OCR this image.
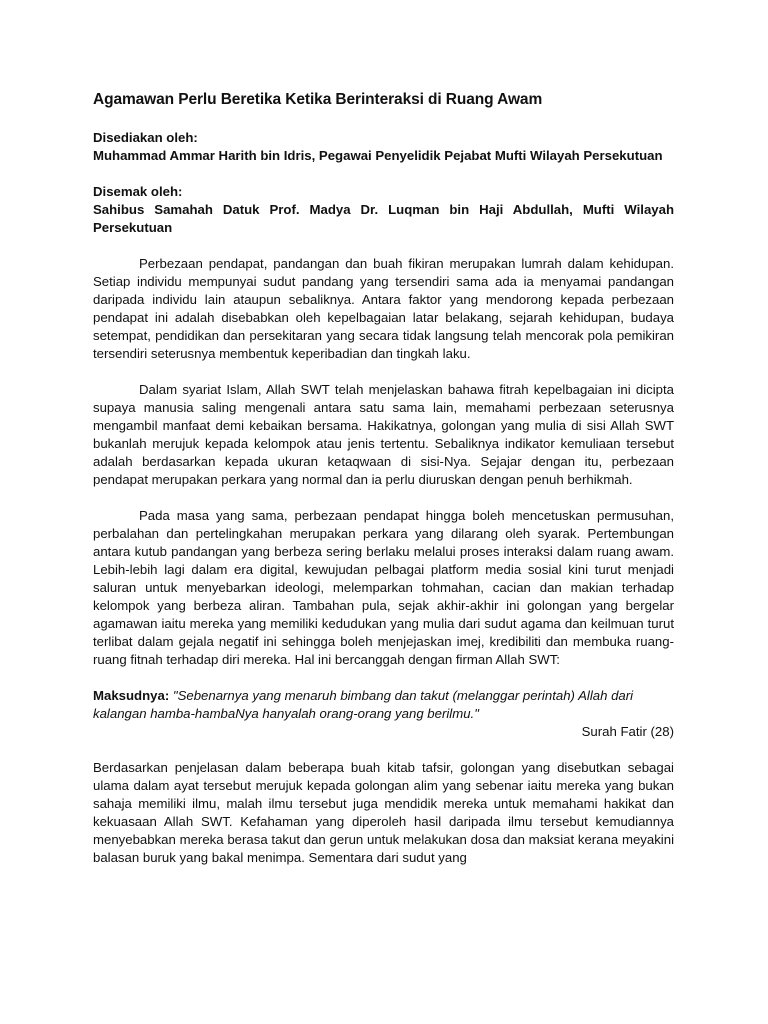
Agamawan Perlu Beretika Ketika Berinteraksi di Ruang Awam

Disediakan oleh:

Muhammad Ammar Harith bin Idris, Pegawai Penyelidik Pejabat Mufti Wilayah Persekutuan

Disemak oleh:

Sahibus Samahah Datuk Prof. Madya Dr. Luqman bin Haji Abdullah, Mufti Wilayah Persekutuan

Perbezaan pendapat, pandangan dan buah fikiran merupakan lumrah dalam kehidupan. Setiap individu mempunyai sudut pandang yang tersendiri sama ada ia menyamai pandangan daripada individu lain ataupun sebaliknya. Antara faktor yang mendorong kepada perbezaan pendapat ini adalah disebabkan oleh kepelbagaian latar belakang, sejarah kehidupan, budaya setempat, pendidikan dan persekitaran yang secara tidak langsung telah mencorak pola pemikiran tersendiri seterusnya membentuk keperibadian dan tingkah laku.

Dalam syariat Islam, Allah SWT telah menjelaskan bahawa fitrah kepelbagaian ini dicipta supaya manusia saling mengenali antara satu sama lain, memahami perbezaan seterusnya mengambil manfaat demi kebaikan bersama. Hakikatnya, golongan yang mulia di sisi Allah SWT bukanlah merujuk kepada kelompok atau jenis tertentu. Sebaliknya indikator kemuliaan tersebut adalah berdasarkan kepada ukuran ketaqwaan di sisi-Nya. Sejajar dengan itu, perbezaan pendapat merupakan perkara yang normal dan ia perlu diuruskan dengan penuh berhikmah.

Pada masa yang sama, perbezaan pendapat hingga boleh mencetuskan permusuhan, perbalahan dan pertelingkahan merupakan perkara yang dilarang oleh syarak. Pertembungan antara kutub pandangan yang berbeza sering berlaku melalui proses interaksi dalam ruang awam. Lebih-lebih lagi dalam era digital, kewujudan pelbagai platform media sosial kini turut menjadi saluran untuk menyebarkan ideologi, melemparkan tohmahan, cacian dan makian terhadap kelompok yang berbeza aliran. Tambahan pula, sejak akhir-akhir ini golongan yang bergelar agamawan iaitu mereka yang memiliki kedudukan yang mulia dari sudut agama dan keilmuan turut terlibat dalam gejala negatif ini sehingga boleh menjejaskan imej, kredibiliti dan membuka ruang-ruang fitnah terhadap diri mereka. Hal ini bercanggah dengan firman Allah SWT:

Maksudnya: "Sebenarnya yang menaruh bimbang dan takut (melanggar perintah) Allah dari kalangan hamba-hambaNya hanyalah orang-orang yang berilmu."

Surah Fatir (28)

Berdasarkan penjelasan dalam beberapa buah kitab tafsir, golongan yang disebutkan sebagai ulama dalam ayat tersebut merujuk kepada golongan alim yang sebenar iaitu mereka yang bukan sahaja memiliki ilmu, malah ilmu tersebut juga mendidik mereka untuk memahami hakikat dan kekuasaan Allah SWT. Kefahaman yang diperoleh hasil daripada ilmu tersebut kemudiannya menyebabkan mereka berasa takut dan gerun untuk melakukan dosa dan maksiat kerana meyakini balasan buruk yang bakal menimpa. Sementara dari sudut yang
